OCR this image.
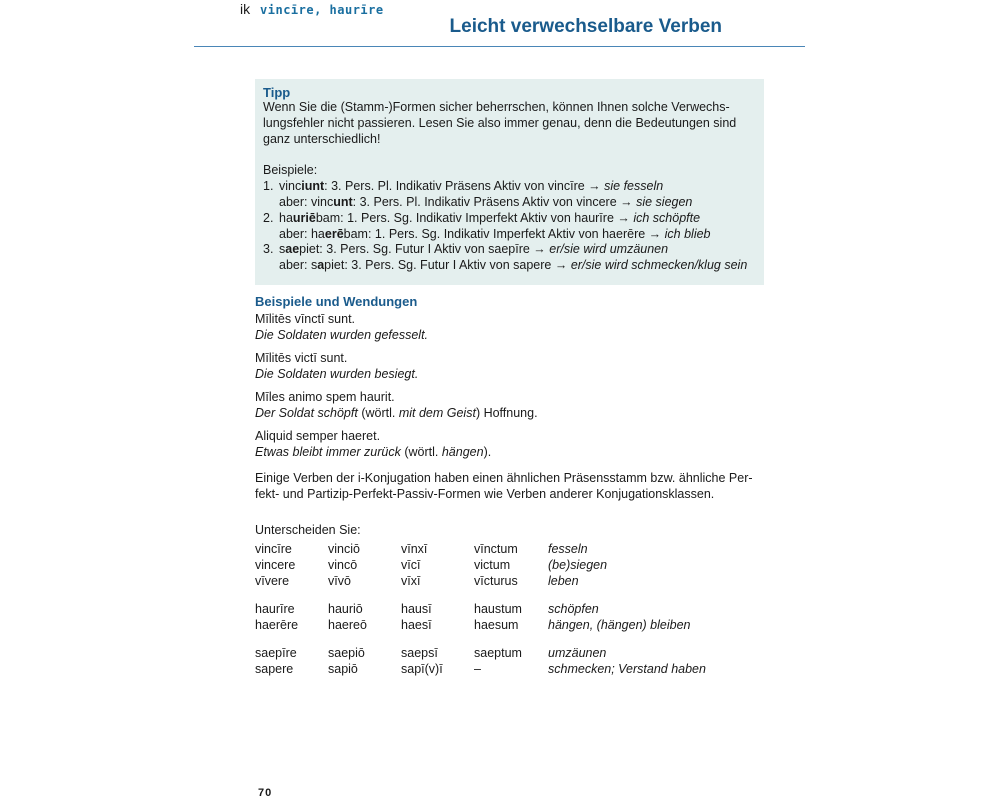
ik vincīre, haurīre
Leicht verwechselbare Verben
Tipp

Wenn Sie die (Stamm-)Formen sicher beherrschen, können Ihnen solche Verwechs-

lungsfehler nicht passieren. Lesen Sie also immer genau, denn die Bedeutungen sind

ganz unterschiedlich!

Beispiele:

1. vinciunt: 3. Pers. Pl. Indikativ Präsens Aktiv von vincīre → sie fesseln
aber: vincunt: 3. Pers. Pl. Indikativ Präsens Aktiv von vincere → sie siegen
2. hauriēbam: 1. Pers. Sg. Indikativ Imperfekt Aktiv von haurīre → ich schöpfte
aber: haerēbam: 1. Pers. Sg. Indikativ Imperfekt Aktiv von haerēre → ich blieb
3. saepiet: 3. Pers. Sg. Futur I Aktiv von saepīre → er/sie wird umzäunen
aber: sapiet: 3. Pers. Sg. Futur I Aktiv von sapere → er/sie wird schmecken/klug sein
Beispiele und Wendungen
Mīlitēs vīnctī sunt.
Die Soldaten wurden gefesselt.
Mīlitēs victī sunt.
Die Soldaten wurden besiegt.
Mīles animo spem haurit.
Der Soldat schöpft (wörtl. mit dem Geist) Hoffnung.
Aliquid semper haeret.
Etwas bleibt immer zurück (wörtl. hängen).
Einige Verben der i-Konjugation haben einen ähnlichen Präsensstamm bzw. ähnliche Per-
fekt- und Partizip-Perfekt-Passiv-Formen wie Verben anderer Konjugationsklassen.
Unterscheiden Sie:
vincīre	vinciō	vīnxī	vīnctum	fesseln
vincere	vincō	vīcī	victum	(be)siegen
vīvere	vīvō	vīxī	vīcturus	leben
haurīre	hauriō	hausī	haustum	schöpfen
haerēre	haereō	haesī	haesum	hängen, (hängen) bleiben
saepīre	saepiō	saepsī	saeptum	umzäunen
sapere	sapiō	sapī(v)ī	–	schmecken; Verstand haben
70
